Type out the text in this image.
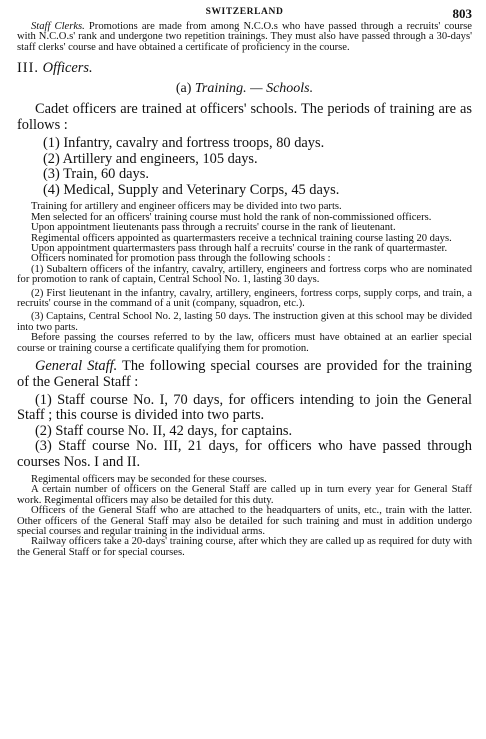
SWITZERLAND	803

Staff Clerks. Promotions are made from among N.C.O.s who have passed through a recruits' course with N.C.O.s' rank and undergone two repetition trainings. They must also have passed through a 30-days' staff clerks' course and have obtained a certificate of proficiency in the course.

III. Officers.
(a) Training. — Schools.

Cadet officers are trained at officers' schools. The periods of training are as follows :

(1) Infantry, cavalry and fortress troops, 80 days.
(2) Artillery and engineers, 105 days.
(3) Train, 60 days.
(4) Medical, Supply and Veterinary Corps, 45 days.

Training for artillery and engineer officers may be divided into two parts.

Men selected for an officers' training course must hold the rank of non-commissioned officers.

Upon appointment lieutenants pass through a recruits' course in the rank of lieutenant.

Regimental officers appointed as quartermasters receive a technical training course lasting 20 days.

Upon appointment quartermasters pass through half a recruits' course in the rank of quartermaster.

Officers nominated for promotion pass through the following schools :

(1) Subaltern officers of the infantry, cavalry, artillery, engineers and fortress corps who are nominated for promotion to rank of captain, Central School No. 1, lasting 30 days.

(2) First lieutenant in the infantry, cavalry, artillery, engineers, fortress corps, supply corps, and train, a recruits' course in the command of a unit (company, squadron, etc.).

(3) Captains, Central School No. 2, lasting 50 days. The instruction given at this school may be divided into two parts.

Before passing the courses referred to by the law, officers must have obtained at an earlier special course or training course a certificate qualifying them for promotion.

General Staff. The following special courses are provided for the training of the General Staff :

(1) Staff course No. I, 70 days, for officers intending to join the General Staff ; this course is divided into two parts.

(2) Staff course No. II, 42 days, for captains.

(3) Staff course No. III, 21 days, for officers who have passed through courses Nos. I and II.

Regimental officers may be seconded for these courses.

A certain number of officers on the General Staff are called up in turn every year for General Staff work. Regimental officers may also be detailed for this duty.

Officers of the General Staff who are attached to the headquarters of units, etc., train with the latter. Other officers of the General Staff may also be detailed for such training and must in addition undergo special courses and regular training in the individual arms.

Railway officers take a 20-days' training course, after which they are called up as required for duty with the General Staff or for special courses.
